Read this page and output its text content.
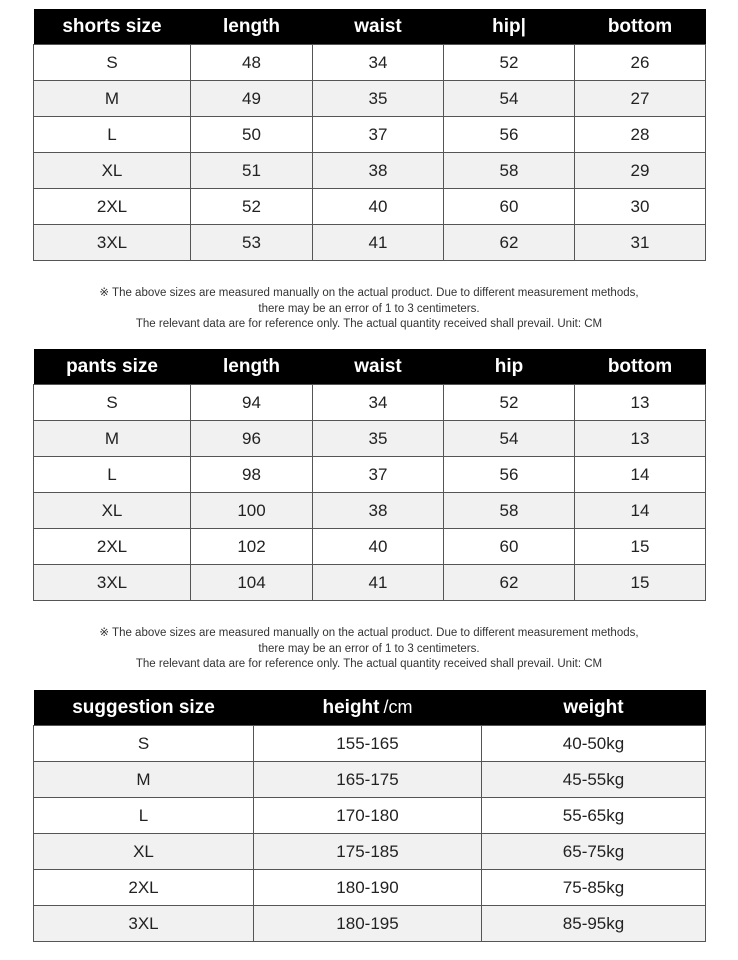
shorts size	length	waist	hip|	bottom
S	48	34	52	26
M	49	35	54	27
L	50	37	56	28
XL	51	38	58	29
2XL	52	40	60	30
3XL	53	41	62	31
※ The above sizes are measured manually on the actual product. Due to different measurement methods,
there may be an error of 1 to 3 centimeters.
The relevant data are for reference only. The actual quantity received shall prevail. Unit: CM
pants size	length	waist	hip	bottom
S	94	34	52	13
M	96	35	54	13
L	98	37	56	14
XL	100	38	58	14
2XL	102	40	60	15
3XL	104	41	62	15
※ The above sizes are measured manually on the actual product. Due to different measurement methods,
there may be an error of 1 to 3 centimeters.
The relevant data are for reference only. The actual quantity received shall prevail. Unit: CM
suggestion size	height /cm	weight
S	155-165	40-50kg
M	165-175	45-55kg
L	170-180	55-65kg
XL	175-185	65-75kg
2XL	180-190	75-85kg
3XL	180-195	85-95kg
